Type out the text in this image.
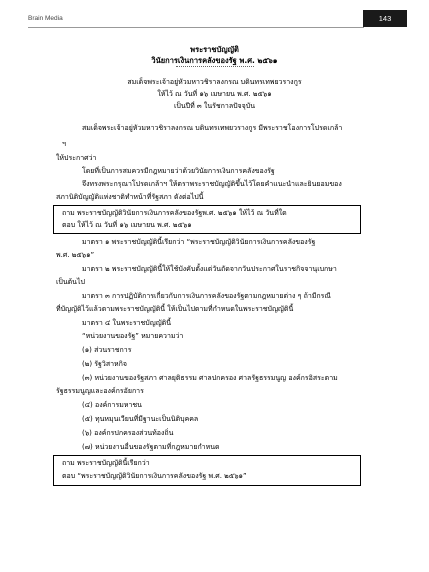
Brain Media	143
พระราชบัญญัติ
วินัยการเงินการคลังของรัฐ พ.ศ. ๒๕๖๑
สมเด็จพระเจ้าอยู่หัวมหาวชิราลงกรณ บดินทรเทพยวรางกูร
ให้ไว้ ณ วันที่ ๑๖ เมษายน พ.ศ. ๒๕๖๑
เป็นปีที่ ๓ ในรัชกาลปัจจุบัน
สมเด็จพระเจ้าอยู่หัวมหาวชิราลงกรณ บดินทรเทพยวรางกูร มีพระราชโองการโปรดเกล้า
ฯ
ให้ประกาศว่า
โดยที่เป็นการสมควรมีกฎหมายว่าด้วยวินัยการเงินการคลังของรัฐ
จึงทรงพระกรุณาโปรดเกล้าฯ ให้ตราพระราชบัญญัติขึ้นไว้โดยคำแนะนำและยินยอมของ
สภานิติบัญญัติแห่งชาติทำหน้าที่รัฐสภา ดังต่อไปนี้
ถาม พระราชบัญญัติวินัยการเงินการคลังของรัฐพ.ศ. ๒๕๖๑ ให้ไว้ ณ วันที่ใด
ตอบ ให้ไว้ ณ วันที่ ๑๖ เมษายน พ.ศ. ๒๕๖๑
มาตรา ๑ พระราชบัญญัตินี้เรียกว่า “พระราชบัญญัติวินัยการเงินการคลังของรัฐ
พ.ศ. ๒๕๖๑”
มาตรา ๒ พระราชบัญญัตินี้ให้ใช้บังคับตั้งแต่วันถัดจากวันประกาศในราชกิจจานุเบกษา
เป็นต้นไป
มาตรา ๓ การปฏิบัติการเกี่ยวกับการเงินการคลังของรัฐตามกฎหมายต่าง ๆ ถ้ามีกรณี
ที่บัญญัติไว้แล้วตามพระราชบัญญัตินี้ ให้เป็นไปตามที่กำหนดในพระราชบัญญัตินี้
มาตรา ๔ ในพระราชบัญญัตินี้
“หน่วยงานของรัฐ” หมายความว่า
(๑) ส่วนราชการ
(๒) รัฐวิสาหกิจ
(๓) หน่วยงานของรัฐสภา ศาลยุติธรรม ศาลปกครอง ศาลรัฐธรรมนูญ องค์กรอิสระตาม
รัฐธรรมนูญและองค์กรอัยการ
(๔) องค์การมหาชน
(๕) ทุนหมุนเวียนที่มีฐานะเป็นนิติบุคคล
(๖) องค์กรปกครองส่วนท้องถิ่น
(๗) หน่วยงานอื่นของรัฐตามที่กฎหมายกำหนด
ถาม พระราชบัญญัตินี้เรียกว่า
ตอบ “พระราชบัญญัติวินัยการเงินการคลังของรัฐ พ.ศ. ๒๕๖๑”
